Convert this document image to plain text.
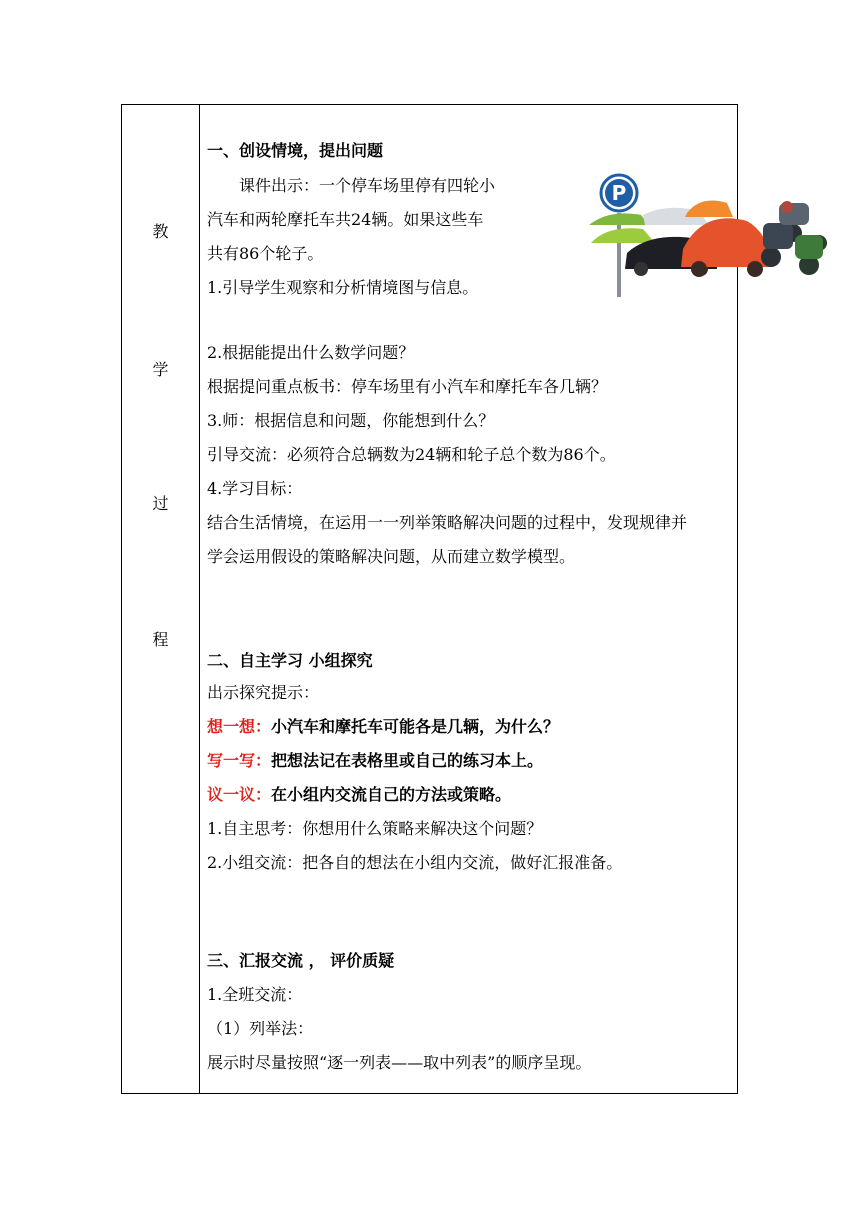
教
学
过
程
一、创设情境，提出问题
课件出示：一个停车场里停有四轮小汽车和两轮摩托车共24辆。如果这些车共有86个轮子。
1.引导学生观察和分析情境图与信息。
2.根据能提出什么数学问题？
根据提问重点板书：停车场里有小汽车和摩托车各几辆？
3.师：根据信息和问题，你能想到什么？
引导交流：必须符合总辆数为24辆和轮子总个数为86个。
4.学习目标：
结合生活情境，在运用一一列举策略解决问题的过程中，发现规律并
学会运用假设的策略解决问题，从而建立数学模型。
二、自主学习 小组探究
出示探究提示：
想一想：小汽车和摩托车可能各是几辆，为什么？
写一写：把想法记在表格里或自己的练习本上。
议一议：在小组内交流自己的方法或策略。
1.自主思考：你想用什么策略来解决这个问题？
2.小组交流：把各自的想法在小组内交流，做好汇报准备。
三、汇报交流 ， 评价质疑
1.全班交流：
（1）列举法：
展示时尽量按照“逐一列表——取中列表”的顺序呈现。
P
